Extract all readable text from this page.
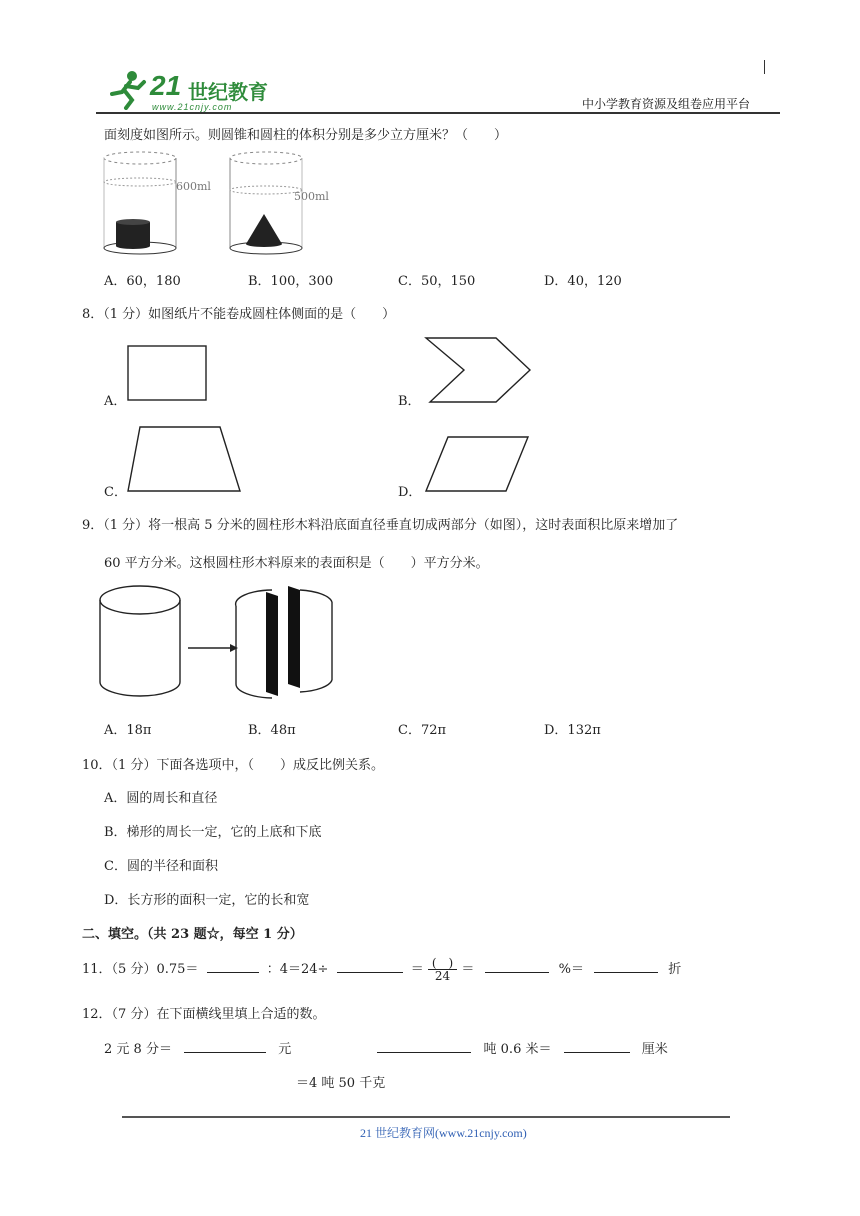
21 世纪教育
www.21cnjy.com	中小学教育资源及组卷应用平台
面刻度如图所示。则圆锥和圆柱的体积分别是多少立方厘米？（　　）
600ml
500ml
A．60，180	B．100，300	C．50，150	D．40，120
8．（1 分）如图纸片不能卷成圆柱体侧面的是（　　）
A．	B．
C．	D．
9．（1 分）将一根高 5 分米的圆柱形木料沿底面直径垂直切成两部分（如图），这时表面积比原来增加了
60 平方分米。这根圆柱形木料原来的表面积是（　　）平方分米。
A．18π	B．48π	C．72π	D．132π
10．（1 分）下面各选项中，（　　）成反比例关系。
A．圆的周长和直径
B．梯形的周长一定，它的上底和下底
C．圆的半径和面积
D．长方形的面积一定，它的长和宽
二、填空。（共 23 题☆，每空 1 分）
11．（5 分）0.75＝	：4＝24÷	＝ $\frac{( )}{24}$ ＝	%＝	折
12．（7 分）在下面横线里填上合适的数。
2 元 8 分＝	元	吨 0.6 米＝	厘米
＝4 吨 50 千克
21 世纪教育网(www.21cnjy.com)
